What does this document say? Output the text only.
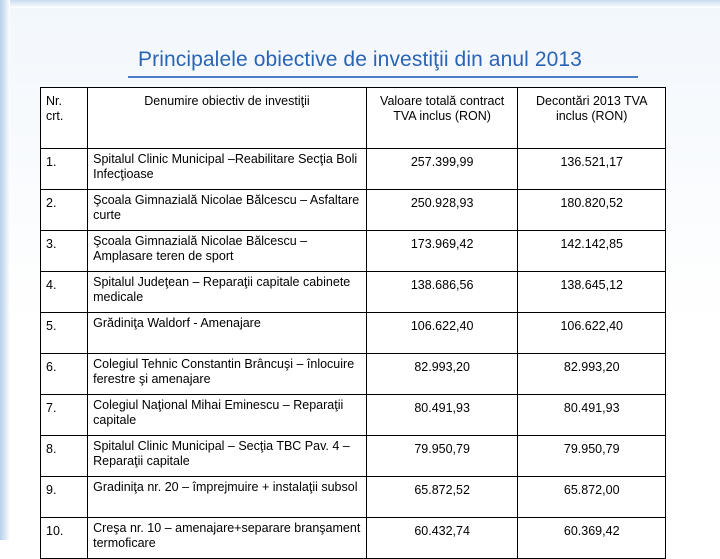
Principalele obiective de investiţii din anul 2013
Nr. crt.	Denumire obiectiv de investiţii	Valoare totală contract TVA inclus (RON)	Decontări 2013 TVA inclus (RON)
1.	Spitalul Clinic Municipal –Reabilitare Secţia Boli Infecţioase	257.399,99	136.521,17
2.	Şcoala Gimnazială Nicolae Bălcescu – Asfaltare curte	250.928,93	180.820,52
3.	Şcoala Gimnazială Nicolae Bălcescu – Amplasare teren de sport	173.969,42	142.142,85
4.	Spitalul Judeţean – Reparaţii capitale cabinete medicale	138.686,56	138.645,12
5.	Grădiniţa Waldorf - Amenajare	106.622,40	106.622,40
6.	Colegiul Tehnic Constantin Brâncuşi – înlocuire ferestre şi amenajare	82.993,20	82.993,20
7.	Colegiul Naţional Mihai Eminescu – Reparaţii capitale	80.491,93	80.491,93
8.	Spitalul Clinic Municipal – Secţia TBC Pav. 4 – Reparaţii capitale	79.950,79	79.950,79
9.	Gradiniţa nr. 20 – împrejmuire + instalaţii subsol	65.872,52	65.872,00
10.	Creşa nr. 10 – amenajare+separare branşament termoficare	60.432,74	60.369,42
